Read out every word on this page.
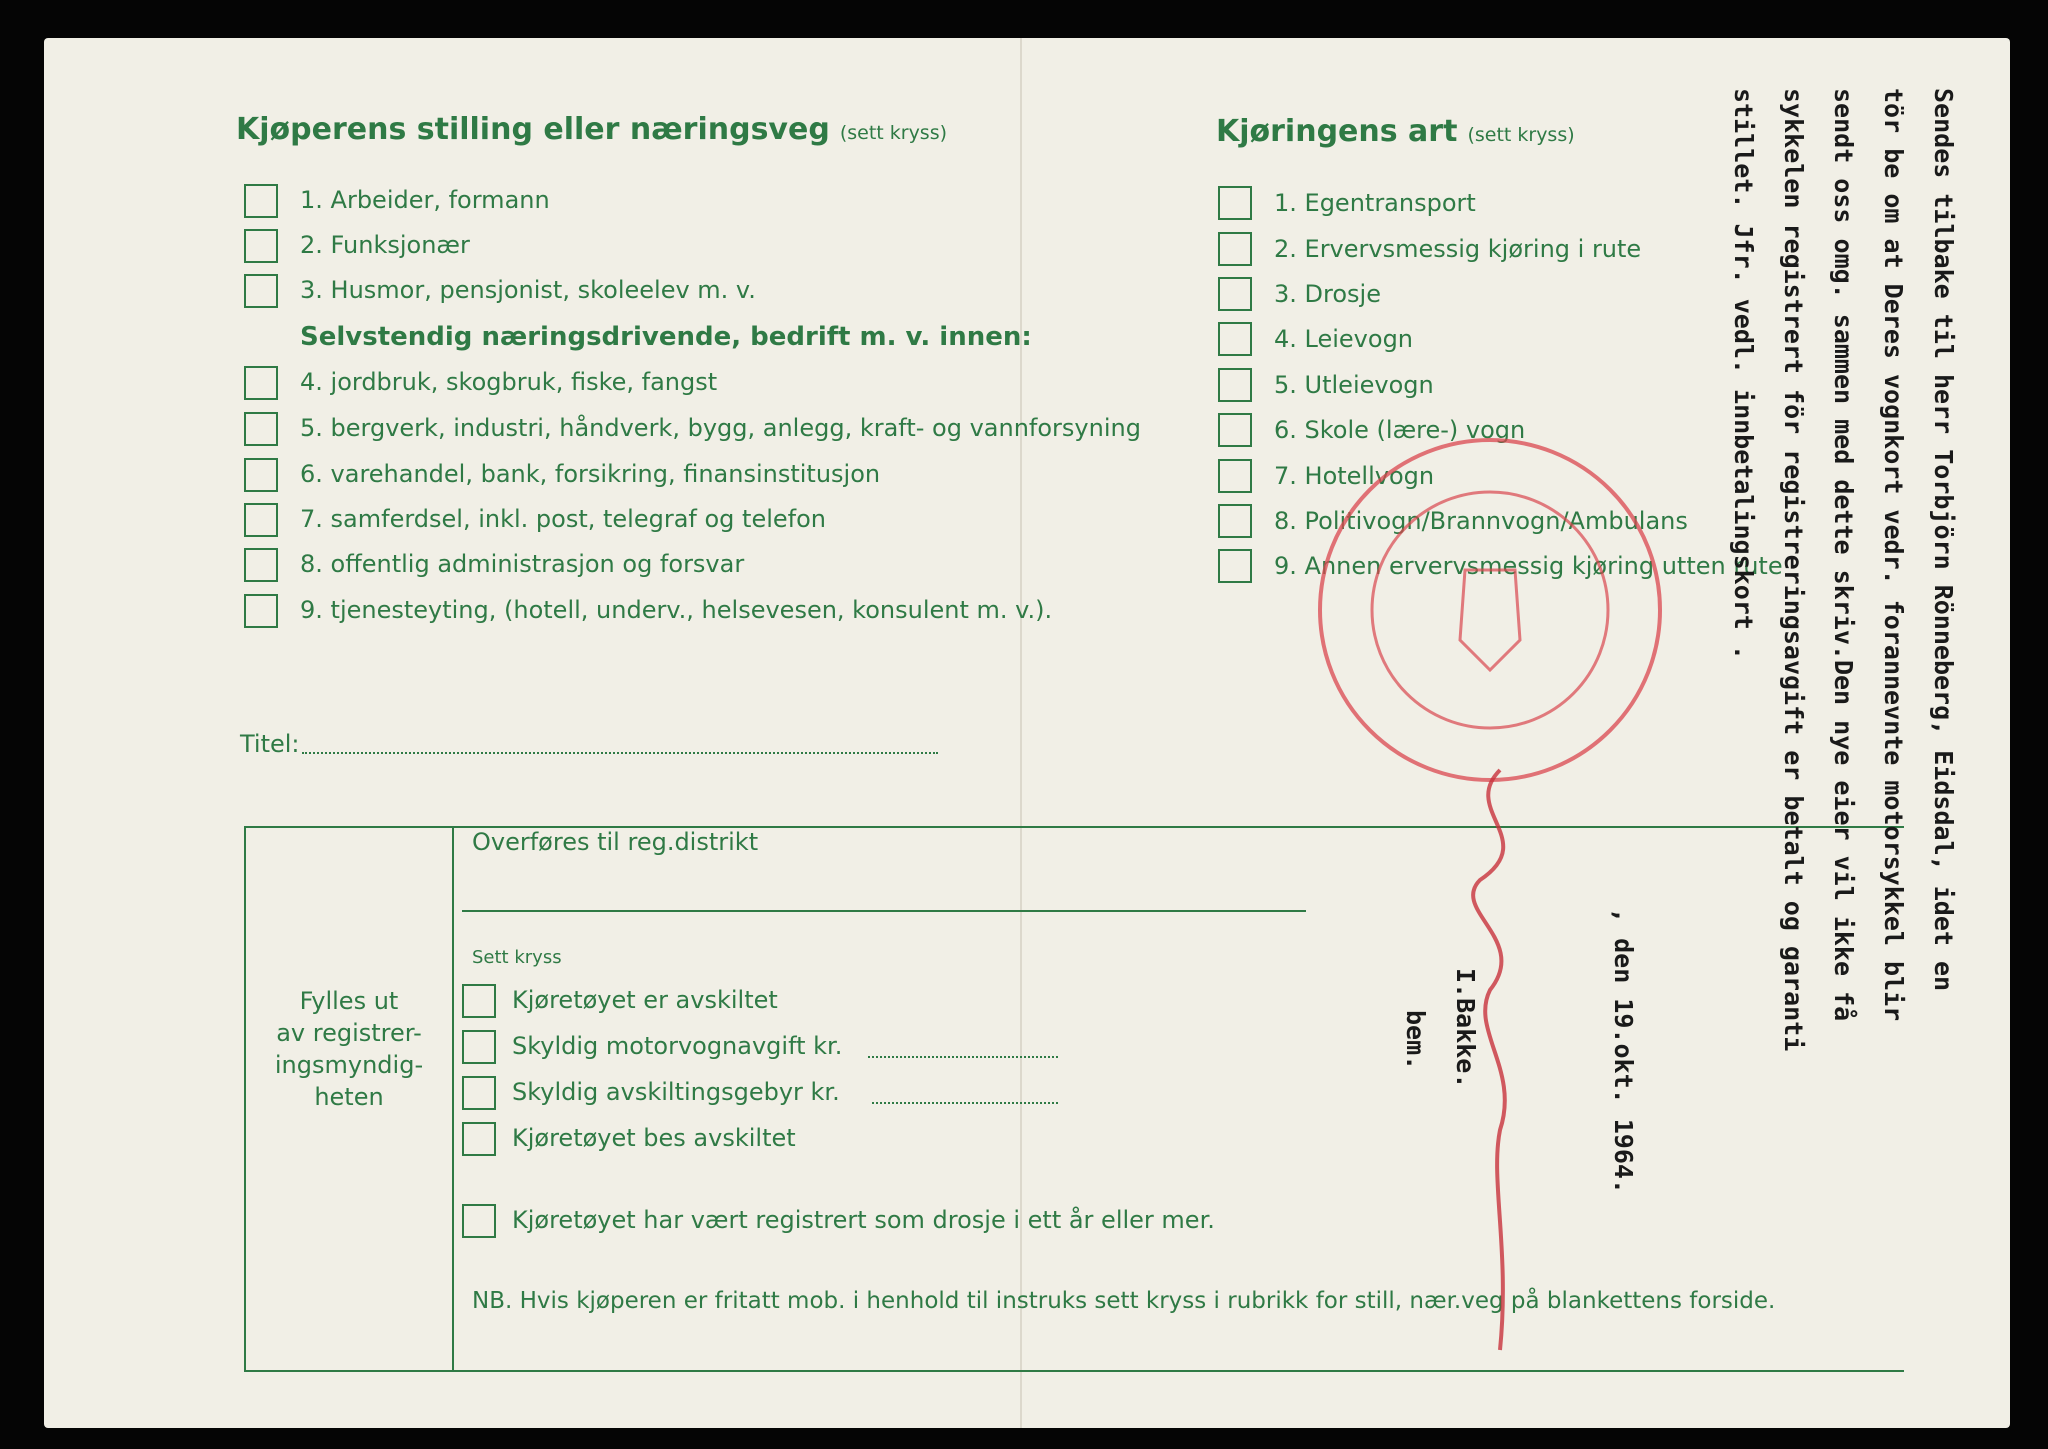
Kjøperens stilling eller næringsveg (sett kryss)
1. Arbeider, formann
2. Funksjonær
3. Husmor, pensjonist, skoleelev m. v.
Selvstendig næringsdrivende, bedrift m. v. innen:
4. jordbruk, skogbruk, fiske, fangst
5. bergverk, industri, håndverk, bygg, anlegg, kraft- og vannforsyning
6. varehandel, bank, forsikring, finansinstitusjon
7. samferdsel, inkl. post, telegraf og telefon
8. offentlig administrasjon og forsvar
9. tjenesteyting, (hotell, underv., helsevesen, konsulent m. v.).
Titel:
Kjøringens art (sett kryss)
1. Egentransport
2. Ervervsmessig kjøring i rute
3. Drosje
4. Leievogn
5. Utleievogn
6. Skole (lære-) vogn
7. Hotellvogn
8. Politivogn/Brannvogn/Ambulans
9. Annen ervervsmessig kjøring utten rute
Fylles ut
av registrer-
ingsmyndig-
heten
Overføres til reg.distrikt
Sett kryss
Kjøretøyet er avskiltet
Skyldig motorvognavgift kr.
Skyldig avskiltingsgebyr kr.
Kjøretøyet bes avskiltet
Kjøretøyet har vært registrert som drosje i ett år eller mer.
NB. Hvis kjøperen er fritatt mob. i henhold til instruks sett kryss i rubrikk for still, nær.veg på blankettens forside.
Sendes tilbake til herr Torbjörn Rönneberg, Eidsdal, idet en
tör be om at Deres vognkort vedr. forannevnte motorsykkel blir
sendt oss omg. sammen med dette skriv.Den nye eier vil ikke få
sykkelen registrert för registreringsavgift er betalt og garanti
stillet. Jfr. vedl. innbetalingskort .
, den 19.okt. 1964.
I.Bakke.
bem.
